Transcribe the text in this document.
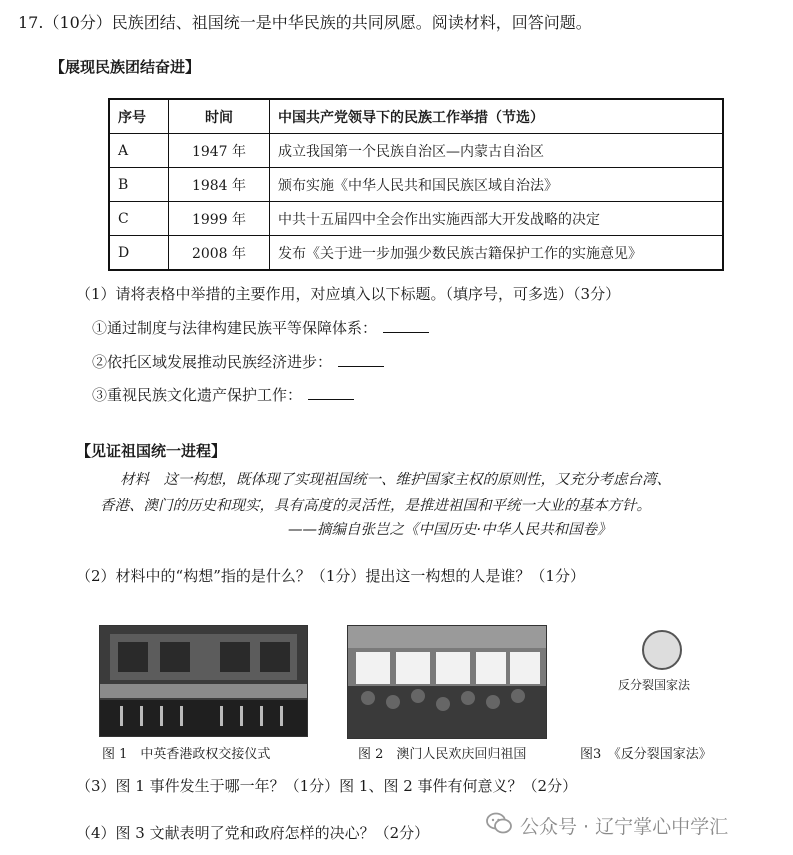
17.（10分）民族团结、祖国统一是中华民族的共同夙愿。阅读材料，回答问题。
【展现民族团结奋进】
序号	时间	中国共产党领导下的民族工作举措（节选）
A	1947 年	成立我国第一个民族自治区—内蒙古自治区
B	1984 年	颁布实施《中华人民共和国民族区域自治法》
C	1999 年	中共十五届四中全会作出实施西部大开发战略的决定
D	2008 年	发布《关于进一步加强少数民族古籍保护工作的实施意见》
（1）请将表格中举措的主要作用，对应填入以下标题。（填序号，可多选）（3分）
①通过制度与法律构建民族平等保障体系：
②依托区域发展推动民族经济进步：
③重视民族文化遗产保护工作：
【见证祖国统一进程】
材料　这一构想，既体现了实现祖国统一、维护国家主权的原则性，又充分考虑台湾、
香港、澳门的历史和现实，具有高度的灵活性，是推进祖国和平统一大业的基本方针。
——摘编自张岂之《中国历史·中华人民共和国卷》
（2）材料中的“构想”指的是什么？（1分）提出这一构想的人是谁？（1分）
反分裂国家法
图 1　中英香港政权交接仪式	图 2　澳门人民欢庆回归祖国	图3　《反分裂国家法》
（3）图 1 事件发生于哪一年？（1分）图 1、图 2 事件有何意义？（2分）
公众号 · 辽宁掌心中学汇
（4）图 3 文献表明了党和政府怎样的决心？（2分）
